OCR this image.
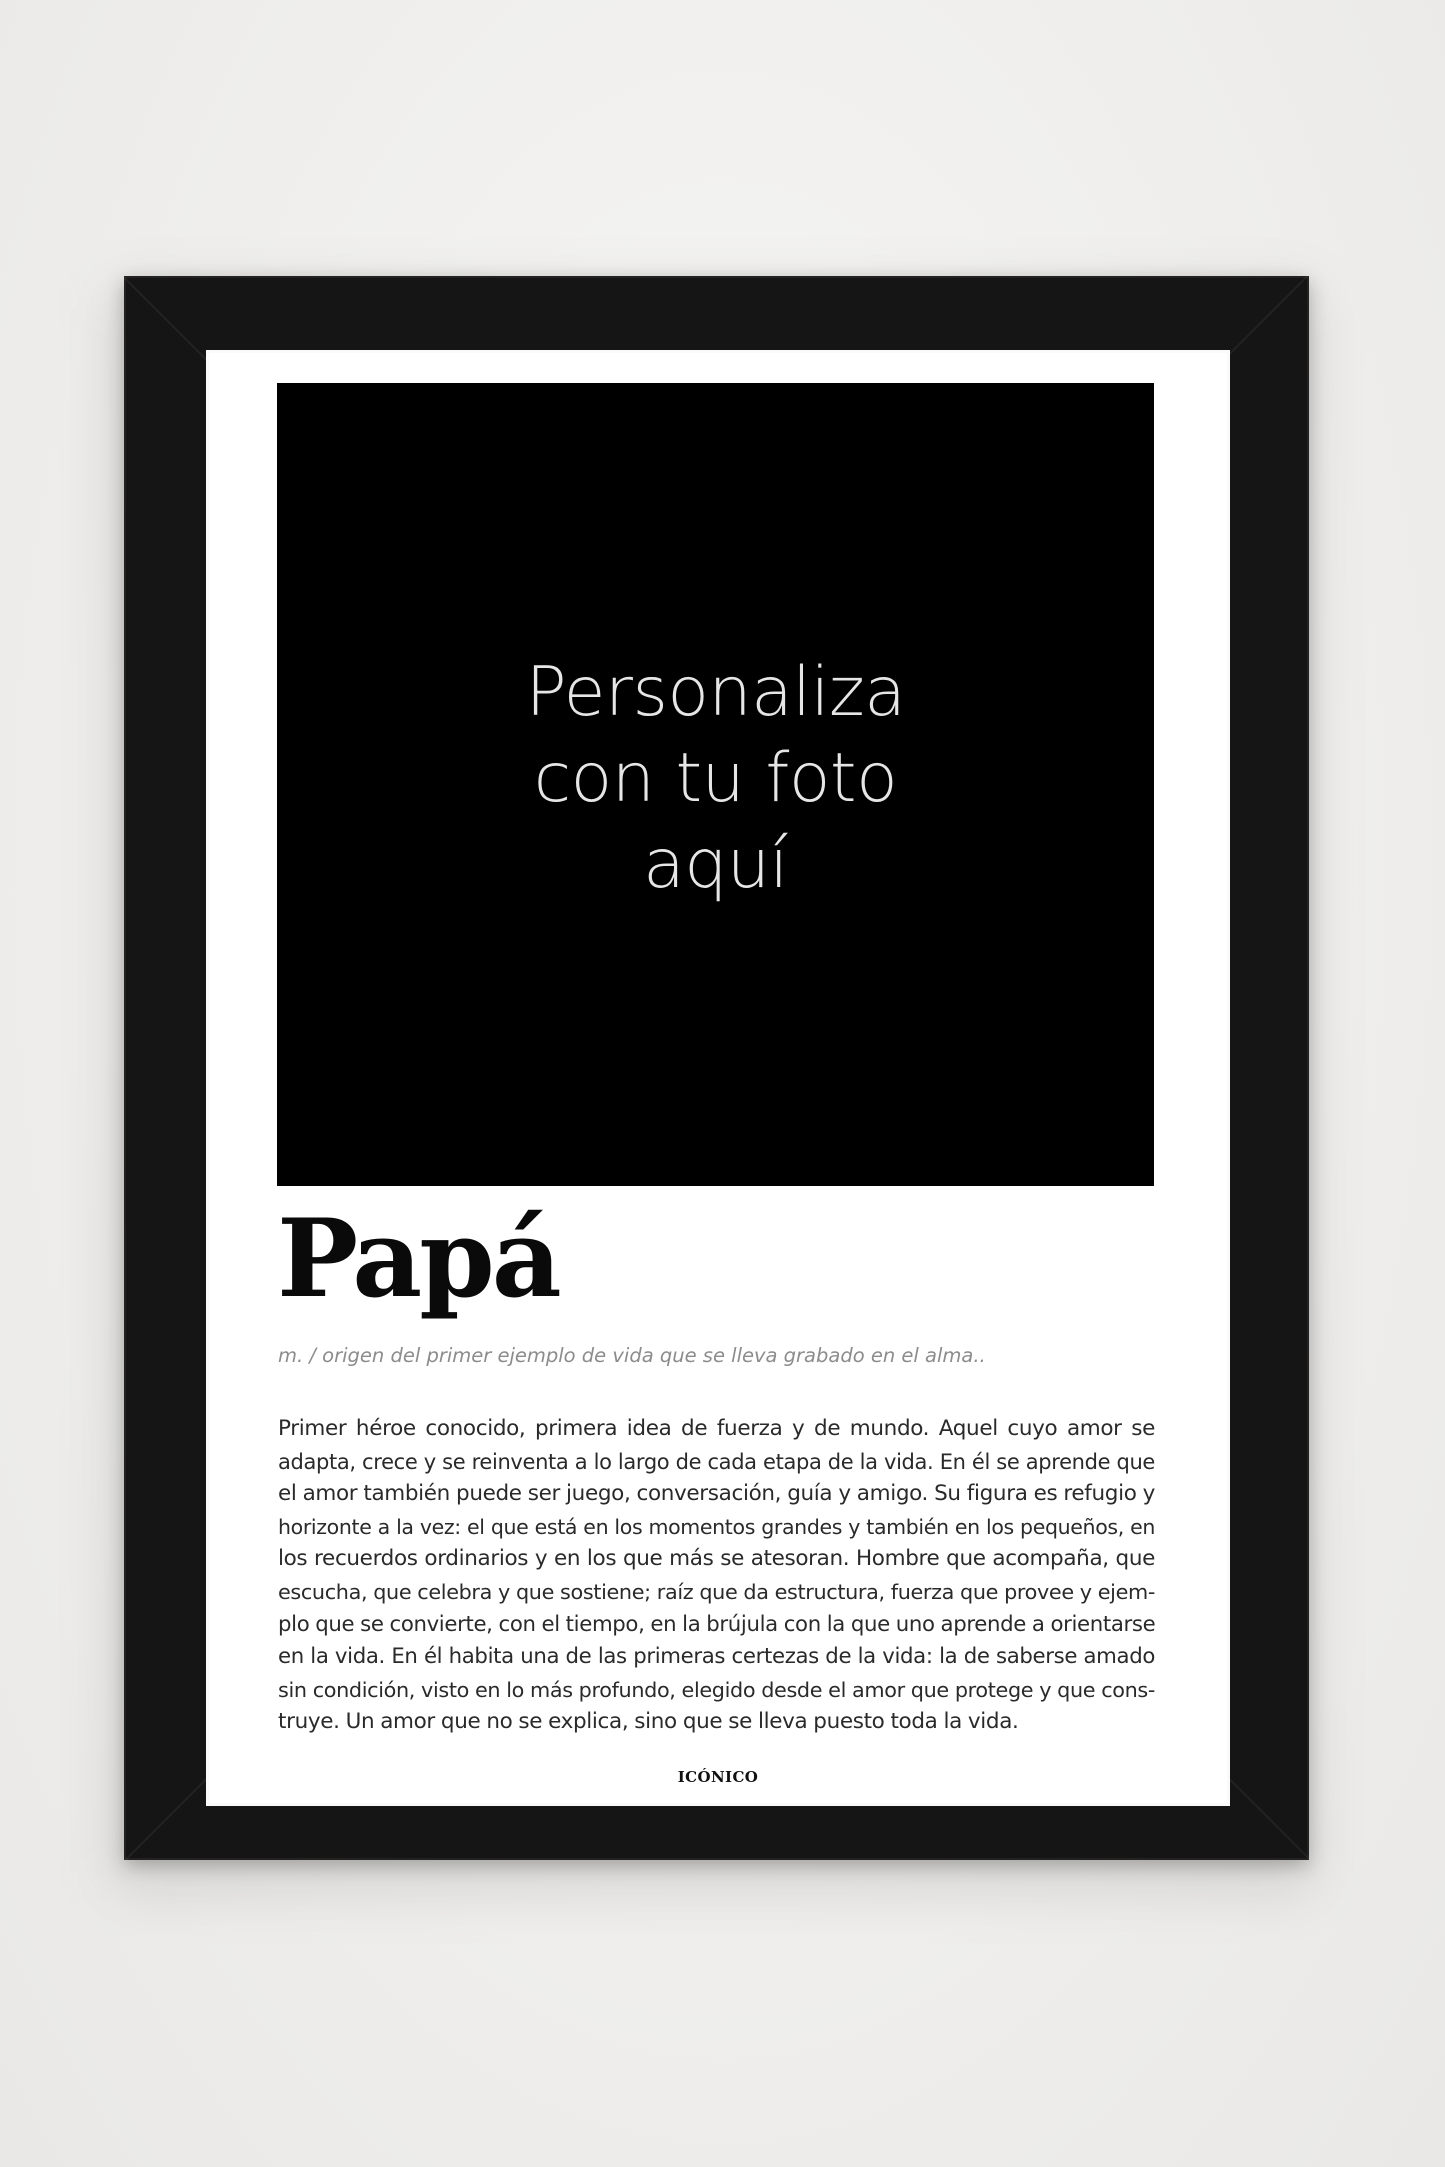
Personaliza
con tu foto
aquí
Papá
m. / origen del primer ejemplo de vida que se lleva grabado en el alma..
Primer héroe conocido, primera idea de fuerza y de mundo. Aquel cuyo amor se
adapta, crece y se reinventa a lo largo de cada etapa de la vida. En él se aprende que
el amor también puede ser juego, conversación, guía y amigo. Su figura es refugio y
horizonte a la vez: el que está en los momentos grandes y también en los pequeños, en
los recuerdos ordinarios y en los que más se atesoran. Hombre que acompaña, que
escucha, que celebra y que sostiene; raíz que da estructura, fuerza que provee y ejem-
plo que se convierte, con el tiempo, en la brújula con la que uno aprende a orientarse
en la vida. En él habita una de las primeras certezas de la vida: la de saberse amado
sin condición, visto en lo más profundo, elegido desde el amor que protege y que cons-
truye. Un amor que no se explica, sino que se lleva puesto toda la vida.
ICÓNICO
